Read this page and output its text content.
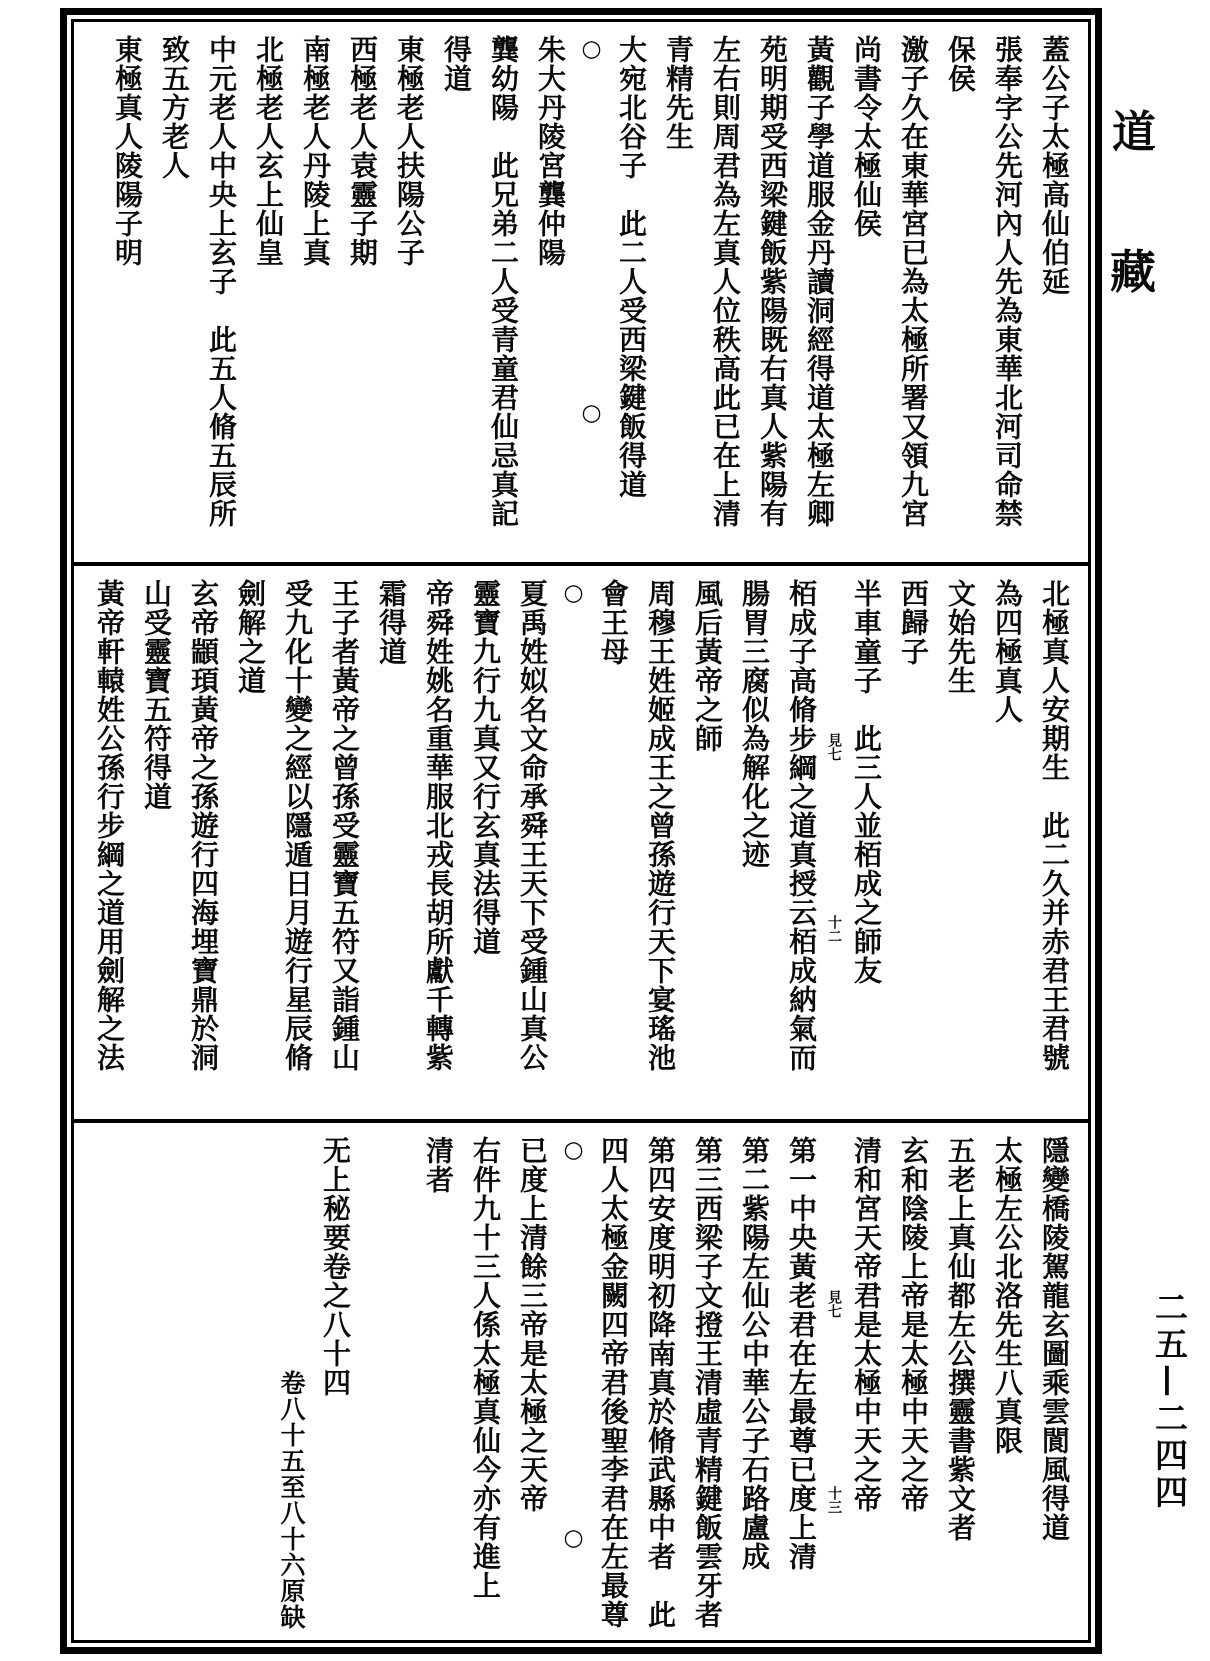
蓋公子太極高仙伯延
張奉字公先河內人先為東華北河司命禁
保侯
激子久在東華宮已為太極所署又領九宮
尚書令太極仙侯
黃觀子學道服金丹讀洞經得道太極左卿
苑明期受西梁鍵飯紫陽既右真人紫陽有
左右則周君為左真人位秩高此已在上清
青精先生
大宛北谷子　此二人受西梁鍵飯得道
○　　　　　　　　　　　　　　○
朱大丹陵宮龔仲陽
龔幼陽　此兄弟二人受青童君仙忌真記
得道
東極老人扶陽公子
西極老人袁靈子期
南極老人丹陵上真
北極老人玄上仙皇
中元老人中央上玄子　此五人脩五辰所
致五方老人
東極真人陵陽子明
北極真人安期生　此二久并赤君王君號
為四極真人
文始先生
西歸子
半車童子　此三人並栢成之師友
　　　　　　　　　　　見七　　　　　　　　　　　十二
栢成子高脩步綱之道真授云栢成納氣而
腸胃三腐似為解化之迹
風后黃帝之師
周穆王姓姬成王之曾孫遊行天下宴瑤池
會王母
○
夏禹姓姒名文命承舜王天下受鍾山真公
靈寶九行九真又行玄真法得道
帝舜姓姚名重華服北戎長胡所獻千轉紫
霜得道
王子者黃帝之曾孫受靈寶五符又詣鍾山
受九化十變之經以隱遁日月遊行星辰脩
劍解之道
玄帝顓頊黃帝之孫遊行四海埋寶鼎於洞
山受靈寶五符得道
黃帝軒轅姓公孫行步綱之道用劍解之法
隱變橋陵駕龍玄圖乘雲閬風得道
太極左公北洛先生八真限
五老上真仙都左公撰靈書紫文者
玄和陰陵上帝是太極中天之帝
清和宮天帝君是太極中天之帝
　　　　　　　　　　　見七　　　　　　　　　　　　十三
第一中央黃老君在左最尊已度上清
第二紫陽左仙公中華公子石路盧成
第三西梁子文撜王清虛青精鍵飯雲牙者
第四安度明初降南真於脩武縣中者　此
四人太極金闕四帝君後聖李君在左最尊
○　　　　　　　　　　　　　　　○
已度上清餘三帝是太極之天帝
右件九十三人係太極真仙今亦有進上
清者
无上秘要卷之八十四
　　　　　　　　　卷八十五至八十六原缺
道
藏
二五—二四四
